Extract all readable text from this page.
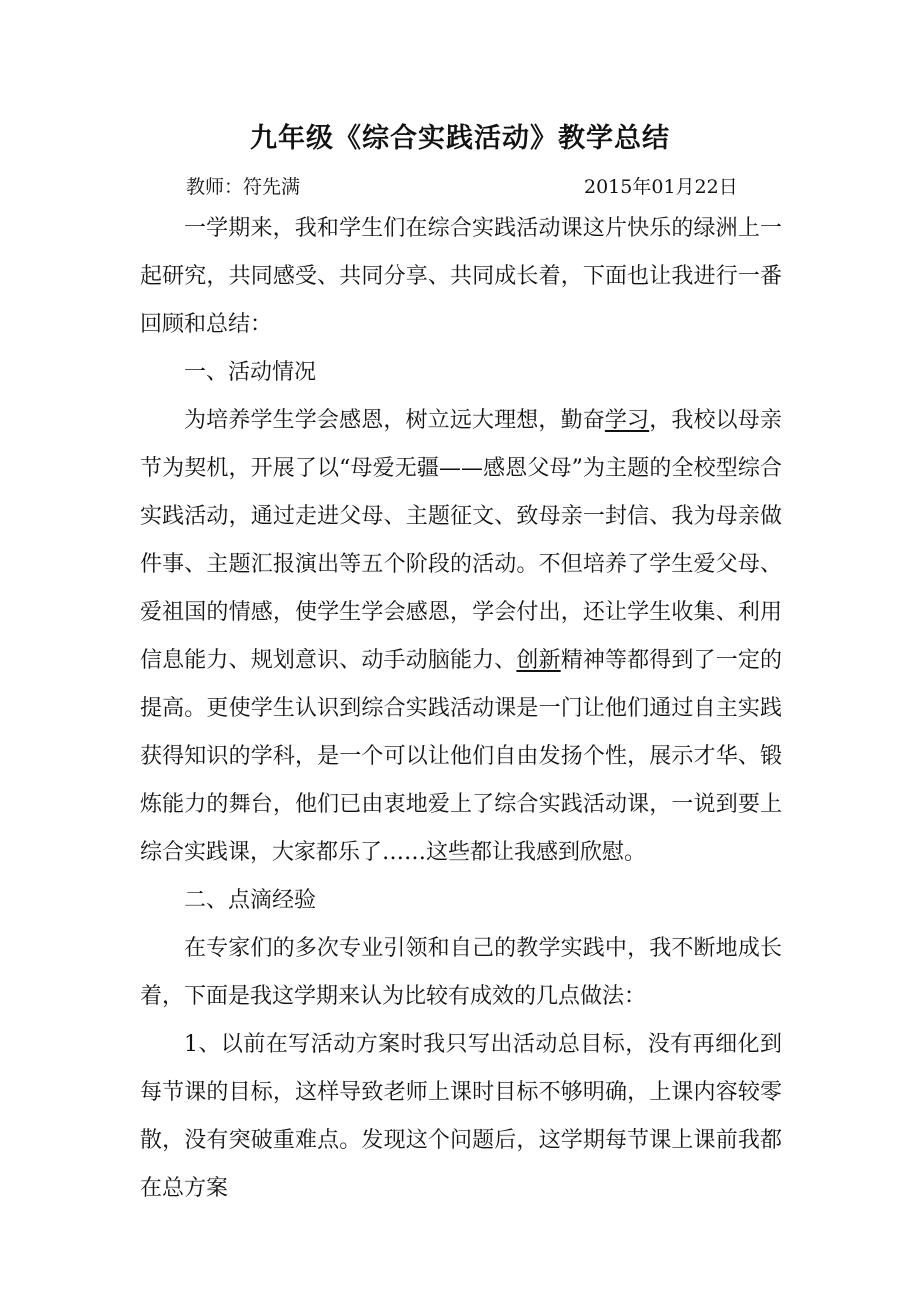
九年级《综合实践活动》教学总结
教师：符先满	2015年01月22日

一学期来，我和学生们在综合实践活动课这片快乐的绿洲上一起研究，共同感受、共同分享、共同成长着，下面也让我进行一番回顾和总结：

一、活动情况

为培养学生学会感恩，树立远大理想，勤奋学习，我校以母亲节为契机，开展了以“母爱无疆——感恩父母”为主题的全校型综合实践活动，通过走进父母、主题征文、致母亲一封信、我为母亲做件事、主题汇报演出等五个阶段的活动。不但培养了学生爱父母、爱祖国的情感，使学生学会感恩，学会付出，还让学生收集、利用信息能力、规划意识、动手动脑能力、创新精神等都得到了一定的提高。更使学生认识到综合实践活动课是一门让他们通过自主实践获得知识的学科，是一个可以让他们自由发扬个性，展示才华、锻炼能力的舞台，他们已由衷地爱上了综合实践活动课，一说到要上综合实践课，大家都乐了……这些都让我感到欣慰。

二、点滴经验

在专家们的多次专业引领和自己的教学实践中，我不断地成长着，下面是我这学期来认为比较有成效的几点做法：

1、以前在写活动方案时我只写出活动总目标，没有再细化到每节课的目标，这样导致老师上课时目标不够明确，上课内容较零散，没有突破重难点。发现这个问题后，这学期每节课上课前我都在总方案
